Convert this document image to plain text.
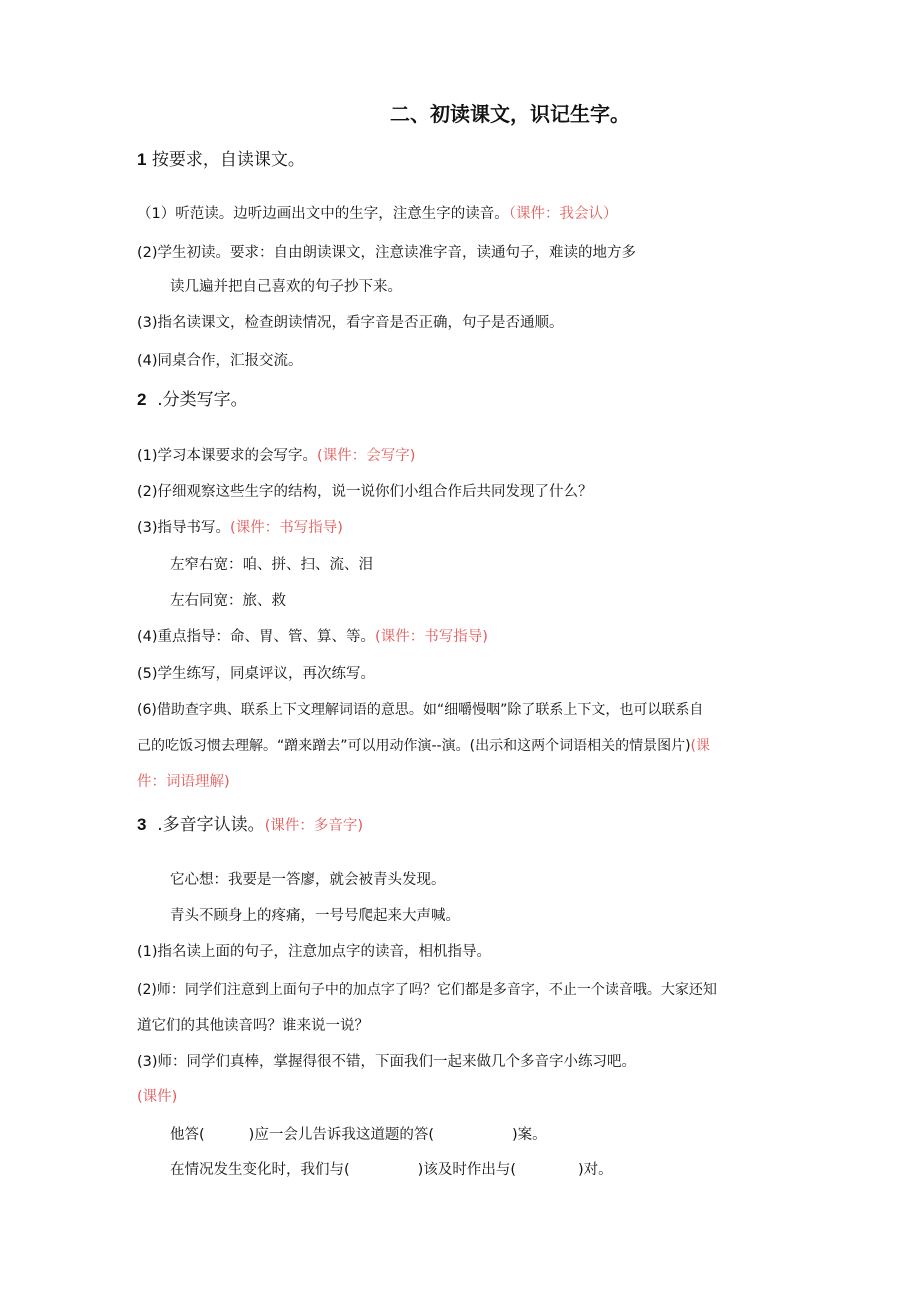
二、初读课文，识记生字。
1 按要求，自读课文。
（1）听范读。边听边画出文中的生字，注意生字的读音。（课件：我会认）
(2)学生初读。要求：自由朗读课文，注意读准字音，读通句子，难读的地方多
读几遍并把自己喜欢的句子抄下来。
(3)指名读课文，检查朗读情况，看字音是否正确，句子是否通顺。
(4)同桌合作，汇报交流。
2 .分类写字。
(1)学习本课要求的会写字。(课件：会写字)
(2)仔细观察这些生字的结构，说一说你们小组合作后共同发现了什么？
(3)指导书写。(课件：书写指导)
左窄右宽：咱、拼、扫、流、泪
左右同宽：旅、救
(4)重点指导：命、胃、管、算、等。(课件：书写指导)
(5)学生练写，同桌评议，再次练写。
(6)借助查字典、联系上下文理解词语的意思。如“细嚼慢咽”除了联系上下文，也可以联系自
己的吃饭习惯去理解。“蹭来蹭去”可以用动作演--演。(出示和这两个词语相关的情景图片)(课
件：词语理解)
3 .多音字认读。(课件：多音字)
它心想：我要是一答廖，就会被青头发现。
青头不顾身上的疼痛，一号号爬起来大声喊。
(1)指名读上面的句子，注意加点字的读音，相机指导。
(2)师：同学们注意到上面句子中的加点字了吗？它们都是多音字，不止一个读音哦。大家还知
道它们的其他读音吗？谁来说一说？
(3)师：同学们真棒，掌握得很不错，下面我们一起来做几个多音字小练习吧。
(课件)
他答(	)应一会儿告诉我这道题的答(	)案。
在情况发生变化时，我们与(	)该及时作出与(	)对。
